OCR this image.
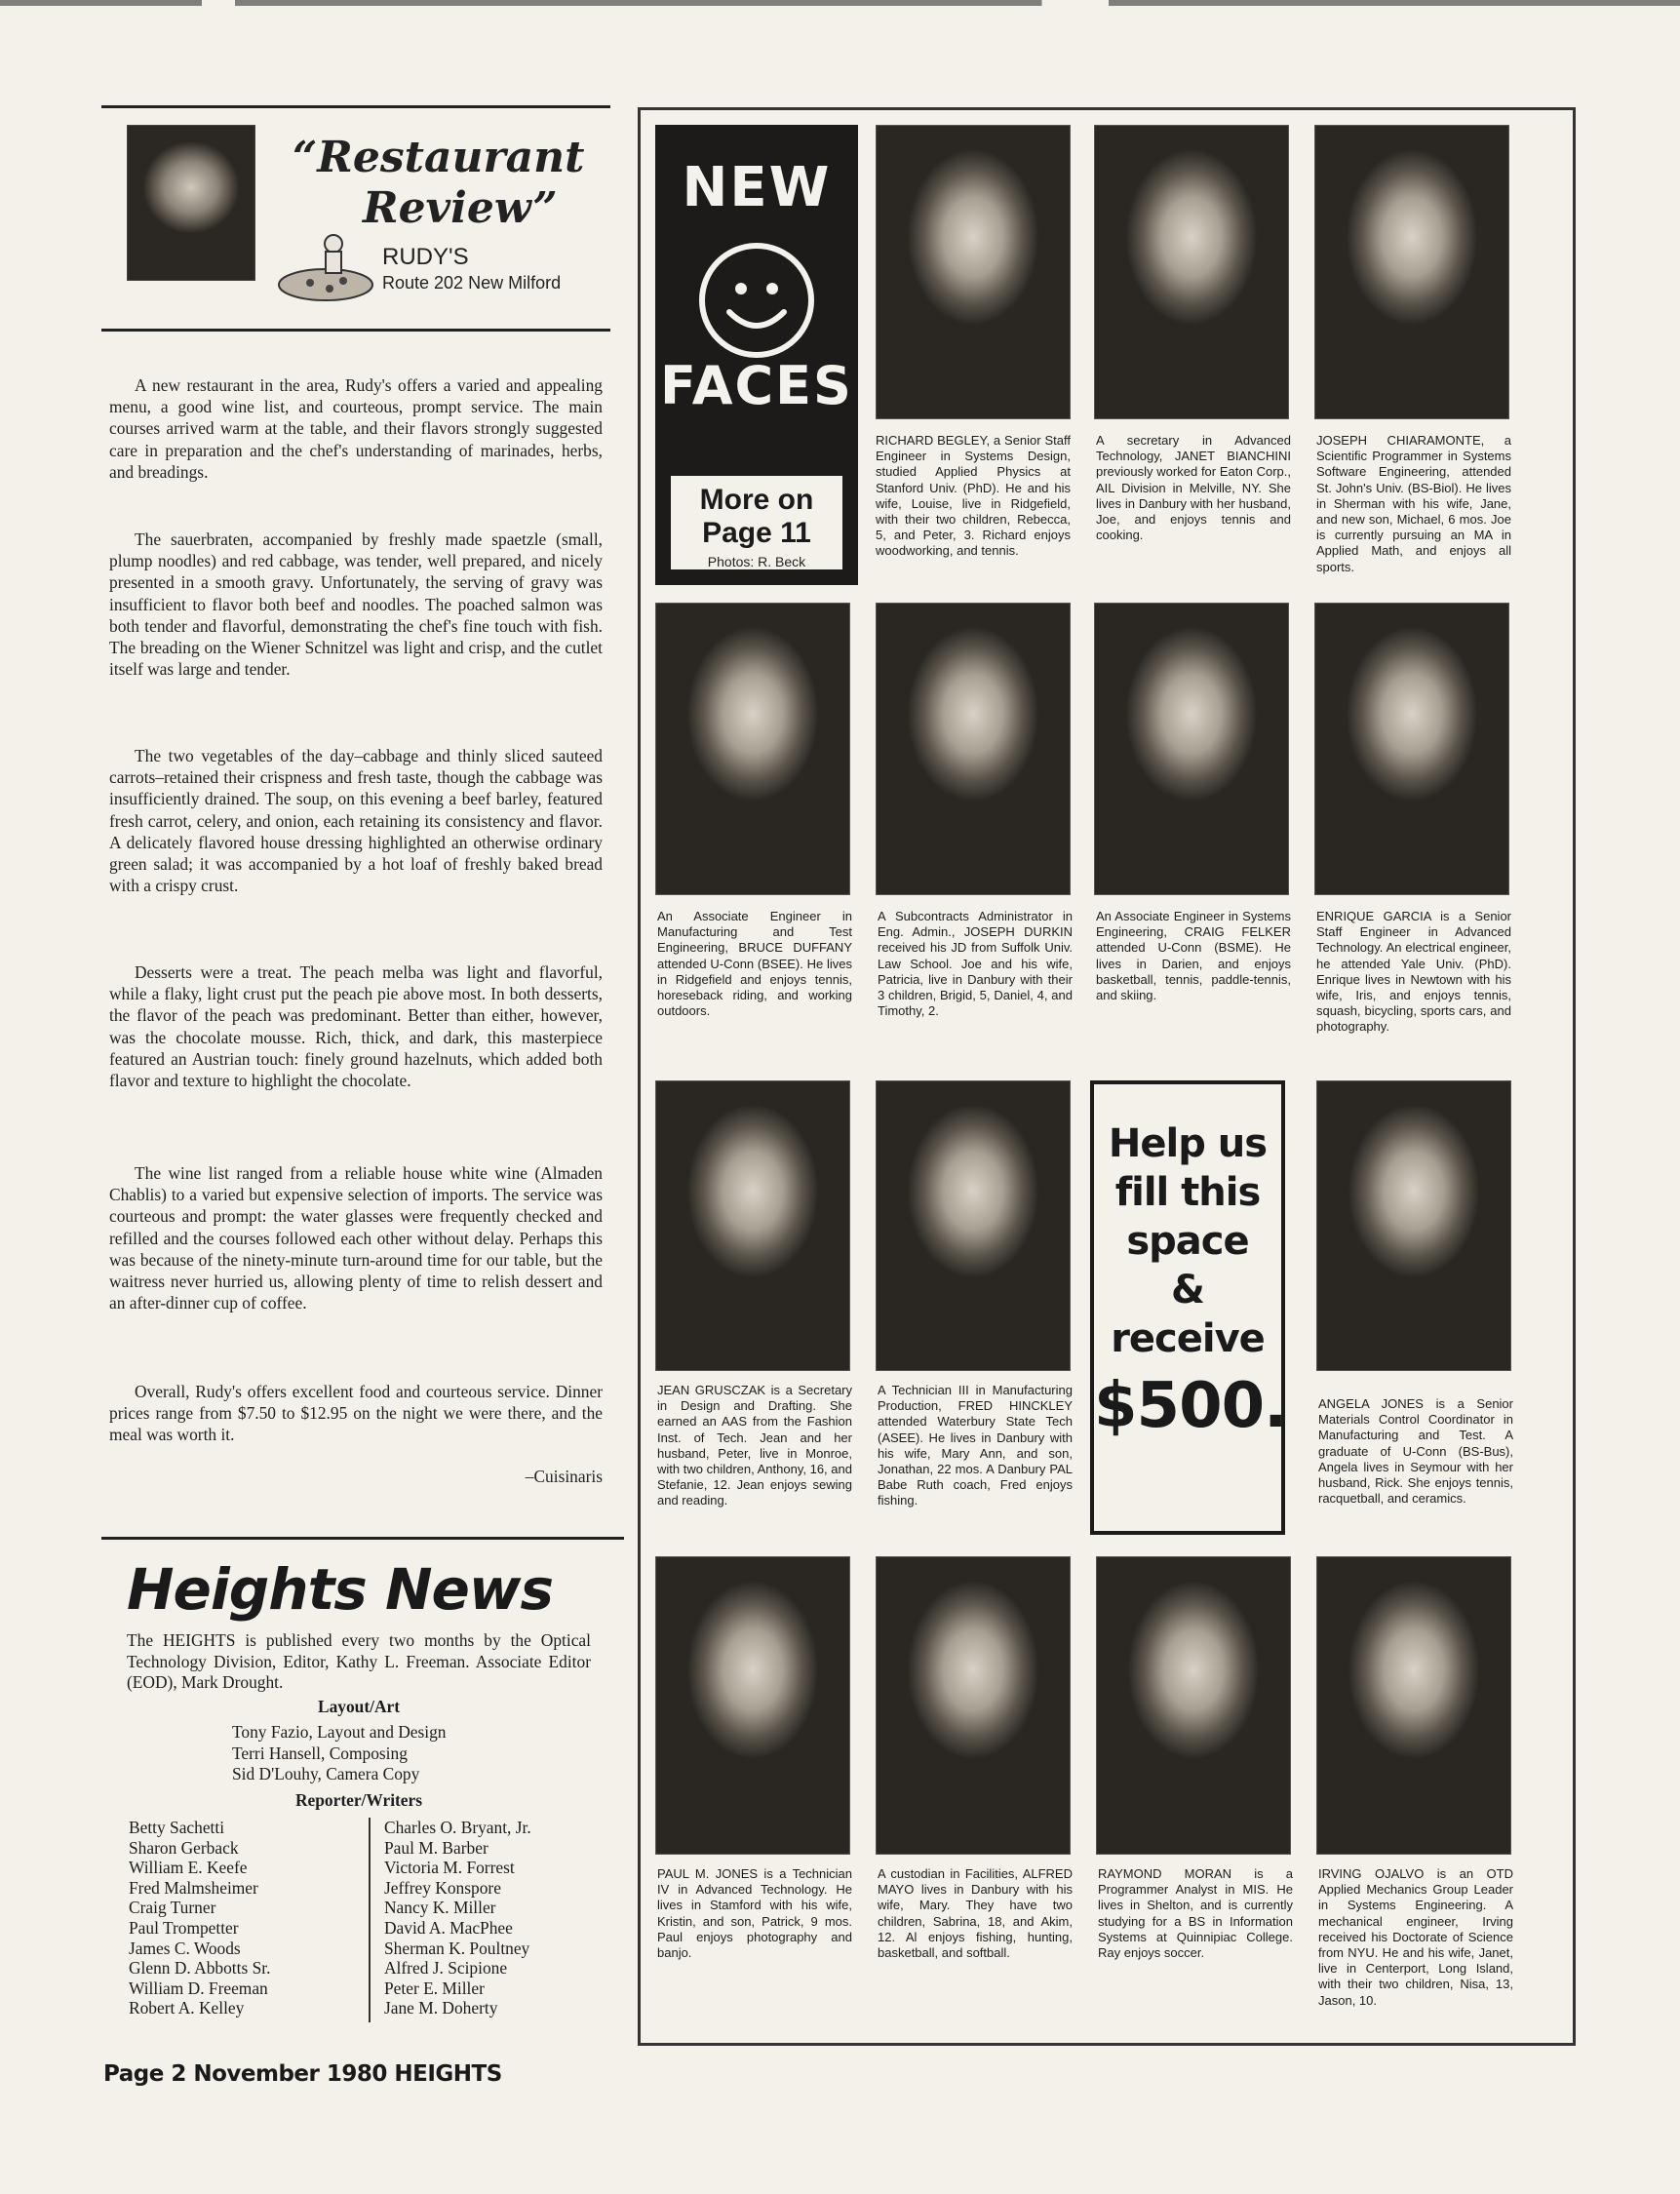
“Restaurant
Review”
RUDY'S
Route 202 New Milford
A new restaurant in the area, Rudy's offers a varied and appealing menu, a good wine list, and courteous, prompt service. The main courses arrived warm at the table, and their flavors strongly suggested care in preparation and the chef's understanding of marinades, herbs, and breadings.
The sauerbraten, accompanied by freshly made spaetzle (small, plump noodles) and red cabbage, was tender, well prepared, and nicely presented in a smooth gravy. Unfortunately, the serving of gravy was insufficient to flavor both beef and noodles. The poached salmon was both tender and flavorful, demonstrating the chef's fine touch with fish. The breading on the Wiener Schnitzel was light and crisp, and the cutlet itself was large and tender.
The two vegetables of the day–cabbage and thinly sliced sauteed carrots–retained their crispness and fresh taste, though the cabbage was insufficiently drained. The soup, on this evening a beef barley, featured fresh carrot, celery, and onion, each retaining its consistency and flavor. A delicately flavored house dressing highlighted an otherwise ordinary green salad; it was accompanied by a hot loaf of freshly baked bread with a crispy crust.
Desserts were a treat. The peach melba was light and flavorful, while a flaky, light crust put the peach pie above most. In both desserts, the flavor of the peach was predominant. Better than either, however, was the chocolate mousse. Rich, thick, and dark, this masterpiece featured an Austrian touch: finely ground hazelnuts, which added both flavor and texture to highlight the chocolate.
The wine list ranged from a reliable house white wine (Almaden Chablis) to a varied but expensive selection of imports. The service was courteous and prompt: the water glasses were frequently checked and refilled and the courses followed each other without delay. Perhaps this was because of the ninety-minute turn-around time for our table, but the waitress never hurried us, allowing plenty of time to relish dessert and an after-dinner cup of coffee.
Overall, Rudy's offers excellent food and courteous service. Dinner prices range from $7.50 to $12.95 on the night we were there, and the meal was worth it.
–Cuisinaris
Heights News
The HEIGHTS is published every two months by the Optical Technology Division, Editor, Kathy L. Freeman. Associate Editor (EOD), Mark Drought.
Layout/Art
Tony Fazio, Layout and Design
Terri Hansell, Composing
Sid D'Louhy, Camera Copy
Reporter/Writers
Betty Sachetti
Sharon Gerback
William E. Keefe
Fred Malmsheimer
Craig Turner
Paul Trompetter
James C. Woods
Glenn D. Abbotts Sr.
William D. Freeman
Robert A. Kelley
Charles O. Bryant, Jr.
Paul M. Barber
Victoria M. Forrest
Jeffrey Konspore
Nancy K. Miller
David A. MacPhee
Sherman K. Poultney
Alfred J. Scipione
Peter E. Miller
Jane M. Doherty
Page 2 November 1980 HEIGHTS
NEW
FACES
More on
Page 11
Photos: R. Beck
RICHARD BEGLEY, a Senior Staff Engineer in Systems Design, studied Applied Physics at Stanford Univ. (PhD). He and his wife, Louise, live in Ridgefield, with their two children, Rebecca, 5, and Peter, 3. Richard enjoys woodworking, and tennis.
A secretary in Advanced Technology, JANET BIANCHINI previously worked for Eaton Corp., AIL Division in Melville, NY. She lives in Danbury with her husband, Joe, and enjoys tennis and cooking.
JOSEPH CHIARAMONTE, a Scientific Programmer in Systems Software Engineering, attended St. John's Univ. (BS-Biol). He lives in Sherman with his wife, Jane, and new son, Michael, 6 mos. Joe is currently pursuing an MA in Applied Math, and enjoys all sports.
An Associate Engineer in Manufacturing and Test Engineering, BRUCE DUFFANY attended U-Conn (BSEE). He lives in Ridgefield and enjoys tennis, horeseback riding, and working outdoors.
A Subcontracts Administrator in Eng. Admin., JOSEPH DURKIN received his JD from Suffolk Univ. Law School. Joe and his wife, Patricia, live in Danbury with their 3 children, Brigid, 5, Daniel, 4, and Timothy, 2.
An Associate Engineer in Systems Engineering, CRAIG FELKER attended U-Conn (BSME). He lives in Darien, and enjoys basketball, tennis, paddle-tennis, and skiing.
ENRIQUE GARCIA is a Senior Staff Engineer in Advanced Technology. An electrical engineer, he attended Yale Univ. (PhD). Enrique lives in Newtown with his wife, Iris, and enjoys tennis, squash, bicycling, sports cars, and photography.
JEAN GRUSCZAK is a Secretary in Design and Drafting. She earned an AAS from the Fashion Inst. of Tech. Jean and her husband, Peter, live in Monroe, with two children, Anthony, 16, and Stefanie, 12. Jean enjoys sewing and reading.
A Technician III in Manufacturing Production, FRED HINCKLEY attended Waterbury State Tech (ASEE). He lives in Danbury with his wife, Mary Ann, and son, Jonathan, 22 mos. A Danbury PAL Babe Ruth coach, Fred enjoys fishing.
Help us
fill this
space
&
receive
$500.	ANGELA JONES is a Senior Materials Control Coordinator in Manufacturing and Test. A graduate of U-Conn (BS-Bus), Angela lives in Seymour with her husband, Rick. She enjoys tennis, racquetball, and ceramics.
PAUL M. JONES is a Technician IV in Advanced Technology. He lives in Stamford with his wife, Kristin, and son, Patrick, 9 mos. Paul enjoys photography and banjo.
A custodian in Facilities, ALFRED MAYO lives in Danbury with his wife, Mary. They have two children, Sabrina, 18, and Akim, 12. Al enjoys fishing, hunting, basketball, and softball.
RAYMOND MORAN is a Programmer Analyst in MIS. He lives in Shelton, and is currently studying for a BS in Information Systems at Quinnipiac College. Ray enjoys soccer.
IRVING OJALVO is an OTD Applied Mechanics Group Leader in Systems Engineering. A mechanical engineer, Irving received his Doctorate of Science from NYU. He and his wife, Janet, live in Centerport, Long Island, with their two children, Nisa, 13, Jason, 10.
